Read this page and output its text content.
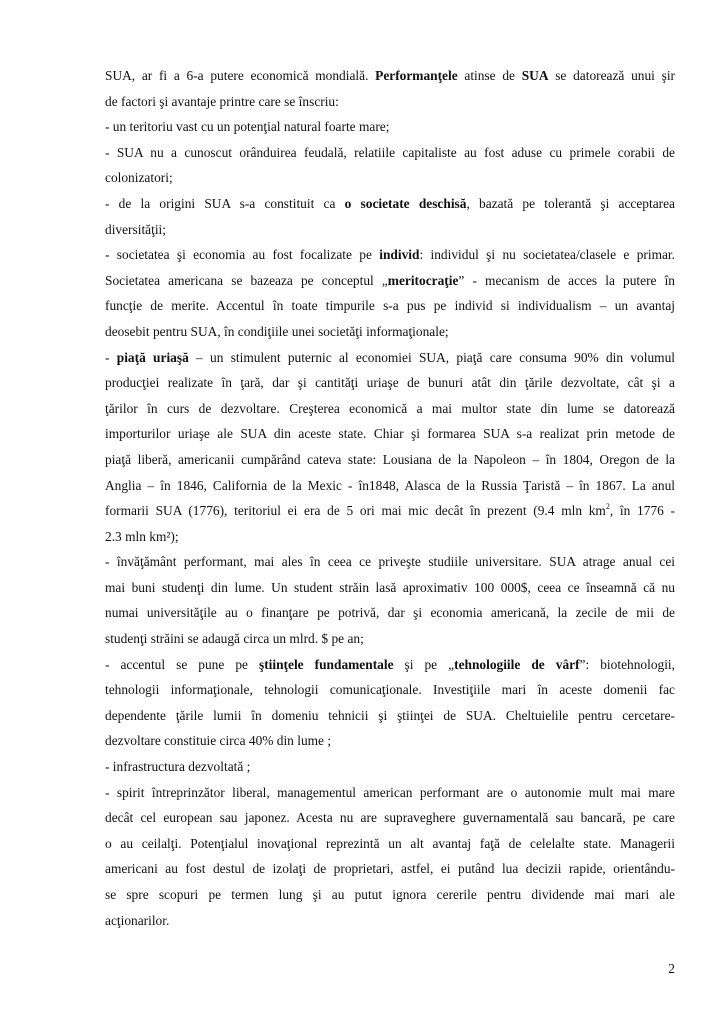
SUA, ar fi a 6-a putere economică mondială. Performanţele atinse de SUA se datorează unui şir
de factori şi avantaje printre care se înscriu:
- un teritoriu vast cu un potenţial natural foarte mare;
- SUA nu a cunoscut orânduirea feudală, relatiile capitaliste au fost aduse cu primele corabii de
colonizatori;
- de la origini SUA s-a constituit ca o societate deschisă, bazată pe tolerantă şi acceptarea
diversităţii;
- societatea şi economia au fost focalizate pe individ: individul şi nu societatea/clasele e primar.
Societatea americana se bazeaza pe conceptul „meritocraţie” - mecanism de acces la putere în
funcţie de merite. Accentul în toate timpurile s-a pus pe individ si individualism – un avantaj
deosebit pentru SUA, în condiţiile unei societăţi informaţionale;
- piaţă uriaşă – un stimulent puternic al economiei SUA, piaţă care consuma 90% din volumul
producţiei realizate în ţară, dar şi cantităţi uriaşe de bunuri atât din ţările dezvoltate, cât şi a
ţărilor în curs de dezvoltare. Creşterea economică a mai multor state din lume se datorează
importurilor uriaşe ale SUA din aceste state. Chiar şi formarea SUA s-a realizat prin metode de
piaţă liberă, americanii cumpărând cateva state: Lousiana de la Napoleon – în 1804, Oregon de la
Anglia – în 1846, California de la Mexic - în1848, Alasca de la Russia Ţaristă – în 1867. La anul
formarii SUA (1776), teritoriul ei era de 5 ori mai mic decât în prezent (9.4 mln $km^2$, în 1776 -
2.3 mln km²);
- învăţământ performant, mai ales în ceea ce priveşte studiile universitare. SUA atrage anual cei
mai buni studenţi din lume. Un student străin lasă aproximativ 100 000$, ceea ce înseamnă că nu
numai universităţile au o finanţare pe potrivă, dar şi economia americană, la zecile de mii de
studenţi străini se adaugă circa un mlrd. $ pe an;
- accentul se pune pe ştiinţele fundamentale şi pe „tehnologiile de vârf”: biotehnologii,
tehnologii informaţionale, tehnologii comunicaţionale. Investiţiile mari în aceste domenii fac
dependente ţările lumii în domeniu tehnicii şi ştiinţei de SUA. Cheltuielile pentru cercetare-
dezvoltare constituie circa 40% din lume ;
- infrastructura dezvoltată ;
- spirit întreprinzător liberal, managementul american performant are o autonomie mult mai mare
decât cel european sau japonez. Acesta nu are supraveghere guvernamentală sau bancară, pe care
o au ceilalţi. Potenţialul inovaţional reprezintă un alt avantaj faţă de celelalte state. Managerii
americani au fost destul de izolaţi de proprietari, astfel, ei putând lua decizii rapide, orientându-
se spre scopuri pe termen lung şi au putut ignora cererile pentru dividende mai mari ale
acţionarilor.
2
